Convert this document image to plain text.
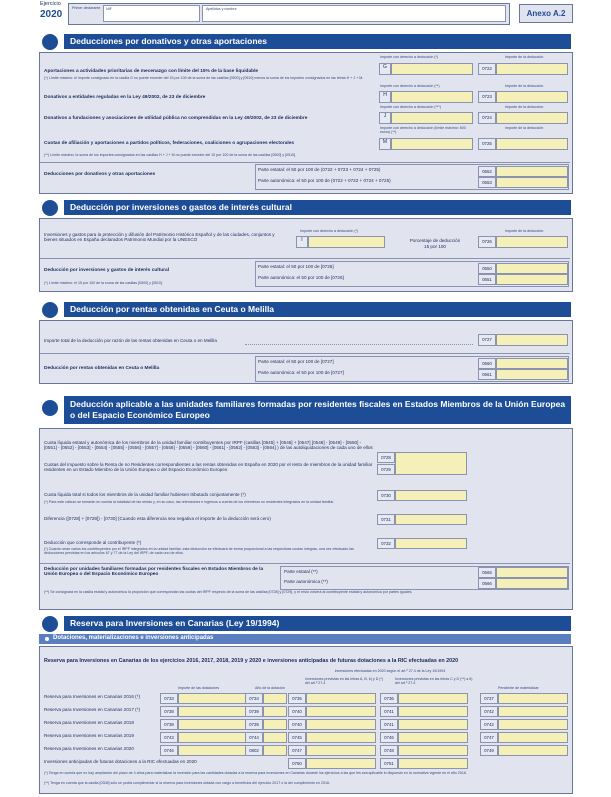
Ejercicio
2020
Primer declarante	NIF	Apellidos y nombre	Anexo A.2
Deducciones por donativos y otras aportaciones
Importe con derecho a deducción (*)	Importe de la deducción
Aportaciones a actividades prioritarias de mecenazgo con límite del 15% de la base liquidable
(*) Límite máximo: el importe consignado en la casilla G no puede exceder del 15 por 100 de la suma de las casillas [0500] y [0510] menos la suma de los importes consignados en las letras H + J + M.
G	0722
Importe con derecho a deducción (**)	Importe de la deducción
Donativos a entidades reguladas en la Ley 49/2002, de 23 de diciembre	H	0723
Importe con derecho a deducción (***)	Importe de la deducción
Donativos a fundaciones y asociaciones de utilidad pública no comprendidas en la Ley 49/2002, de 23 de diciembre	J	0724
Importe con derecho a deducción (límite máximo: 600 euros) (**)
Importe de la deducción
Cuotas de afiliación y aportaciones a partidos políticos, federaciones, coaliciones o agrupaciones electorales
(**) Límite máximo: la suma de los importes consignados en las casillas H + J + M no puede exceder del 10 por 100 de la suma de las casillas [0500] y [0510].
M	0725
Deducciones por donativos y otras aportaciones
Parte estatal: el 50 por 100 de (0722 + 0723 + 0724 + 0725)	0552
Parte autonómica: el 50 por 100 de (0722 + 0723 + 0724 + 0725)	0553
Deducción por inversiones o gastos de interés cultural
Inversiones y gastos para la protección y difusión del Patrimonio Histórico Español y de las ciudades, conjuntos y bienes situados en España declarados Patrimonio Mundial por la UNESCO
Importe con derecho a deducción (*)
I	Porcentaje de deducción
15 por 100
Importe de la deducción
0726
Deducción por inversiones y gastos de interés cultural
(*) Límite máximo: el 15 por 100 de la suma de las casillas [0500] y [0510].
Parte estatal: el 50 por 100 de [0726]	0550
Parte autonómica: el 50 por 100 de [0726]	0551
Deducción por rentas obtenidas en Ceuta o Melilla
Importe total de la deducción por razón de las rentas obtenidas en Ceuta o en Melilla	0727
Deducción por rentas obtenidas en Ceuta o Melilla
Parte estatal: el 50 por 100 de [0727]	0560
Parte autonómica: el 50 por 100 de [0727]	0561
Deducción aplicable a las unidades familiares formadas por residentes fiscales en Estados Miembros de la Unión Europea o del Espacio Económico Europeo
Cuota líquida estatal y autonómica de los miembros de la unidad familiar contribuyentes por IRPF (casillas [0545] + [0546] + [0547] [0548] - [0549] - [0550] - [0551] - [0552] - [0553] - [0554] - [0555] - [0556] - [0557] - [0558] - [0559] - [0560] - [0561] - [0562] - [0563] - [0564] ) de las autoliquidaciones de cada uno de ellos
Cuotas del impuesto sobre la Renta de no Residentes correspondientes a las rentas obtenidas en España en 2020 por el resto de miembros de la unidad familiar residentes en un Estado Miembro de la Unión Europea o del Espacio Económico Europeo
0728
0729
Cuota líquida total si todos los miembros de la unidad familiar hubiesen tributado conjuntamente (*)	0730
(*) Para este cálculo se tomarán en cuenta la totalidad de las rentas y, en su caso, las retenciones e ingresos a cuenta de los miembros no residentes integrados en la unidad familiar.
Diferencia ([0728] + [0729]) - [0730] (Cuando esta diferencia sea negativa el importe de la deducción será cero)	0731
Deducción que corresponde al contribuyente (*)	0732
(*) Cuando sean varios los contribuyentes por el IRPF integrados en la unidad familiar, esta deducción se efectuará de forma proporcional a las respectivas cuotas íntegras, una vez efectuado las deducciones previstas en los artículos 67 y 77 de la Ley del IRPF, de cada uno de ellos.
Deducción por unidades familiares formadas por residentes fiscales en Estados Miembros de la Unión Europea o del Espacio Económico Europeo
Parte estatal (**)	0565
Parte autonómica (**)	0566
(**) Se consignará en la casilla estatal y autonómica la proporción que correspondan las cuotas del IRPF respecto de la suma de las casillas [0728] y [0729], y el resto volverá al contribuyente estatal y autonómica por partes iguales.
Reserva para Inversiones en Canarias (Ley 19/1994)
Dotaciones, materializaciones e inversiones anticipadas
Reserva para Inversiones en Canarias de los ejercicios 2016, 2017, 2018, 2019 y 2020 e inversiones anticipadas de futuras dotaciones a la RIC efectuadas en 2020
Inversiones efectuadas en 2020 según el art.º 27.4 de la Ley 19/1994
Importe de las dotaciones	Año de la dotación
Inversiones previstas en las letras A, B, b) y D (*) del art.º 27.4
Inversiones previstas en las letras C y D (**) a 6) del art.º 27.4
Pendiente de materializar
Reserva para Inversiones en Canarias 2016 (*)	0733	0734	0735	0736	0737
Reserva para Inversiones en Canarias 2017 (*)	0738	0739	0740	0741	0742
Reserva para Inversiones en Canarias 2018	0738	0739	0740	0741	0742
Reserva para Inversiones en Canarias 2019	0743	0744	0745	0746	0747
Reserva para Inversiones en Canarias 2020	0746	0802	0747	0748	0749
Inversiones anticipadas de futuras dotaciones a la RIC efectuadas en 2020	0750	0751
(*) Tenga en cuenta que no hay ampliación del plazo de 4 años para materializar la inversión para las cantidades dotadas a la reserva para inversiones en Canarias durante los ejercicios a las que les sea aplicable lo dispuesto en la normativa vigente en el año 2016.
(**) Tenga en cuenta que la casilla [0308] sólo se podrá cumplimentar si la reserva para inversiones dotada con cargo a beneficios del ejercicio 2017 o la del cumplimiento en 2016.
